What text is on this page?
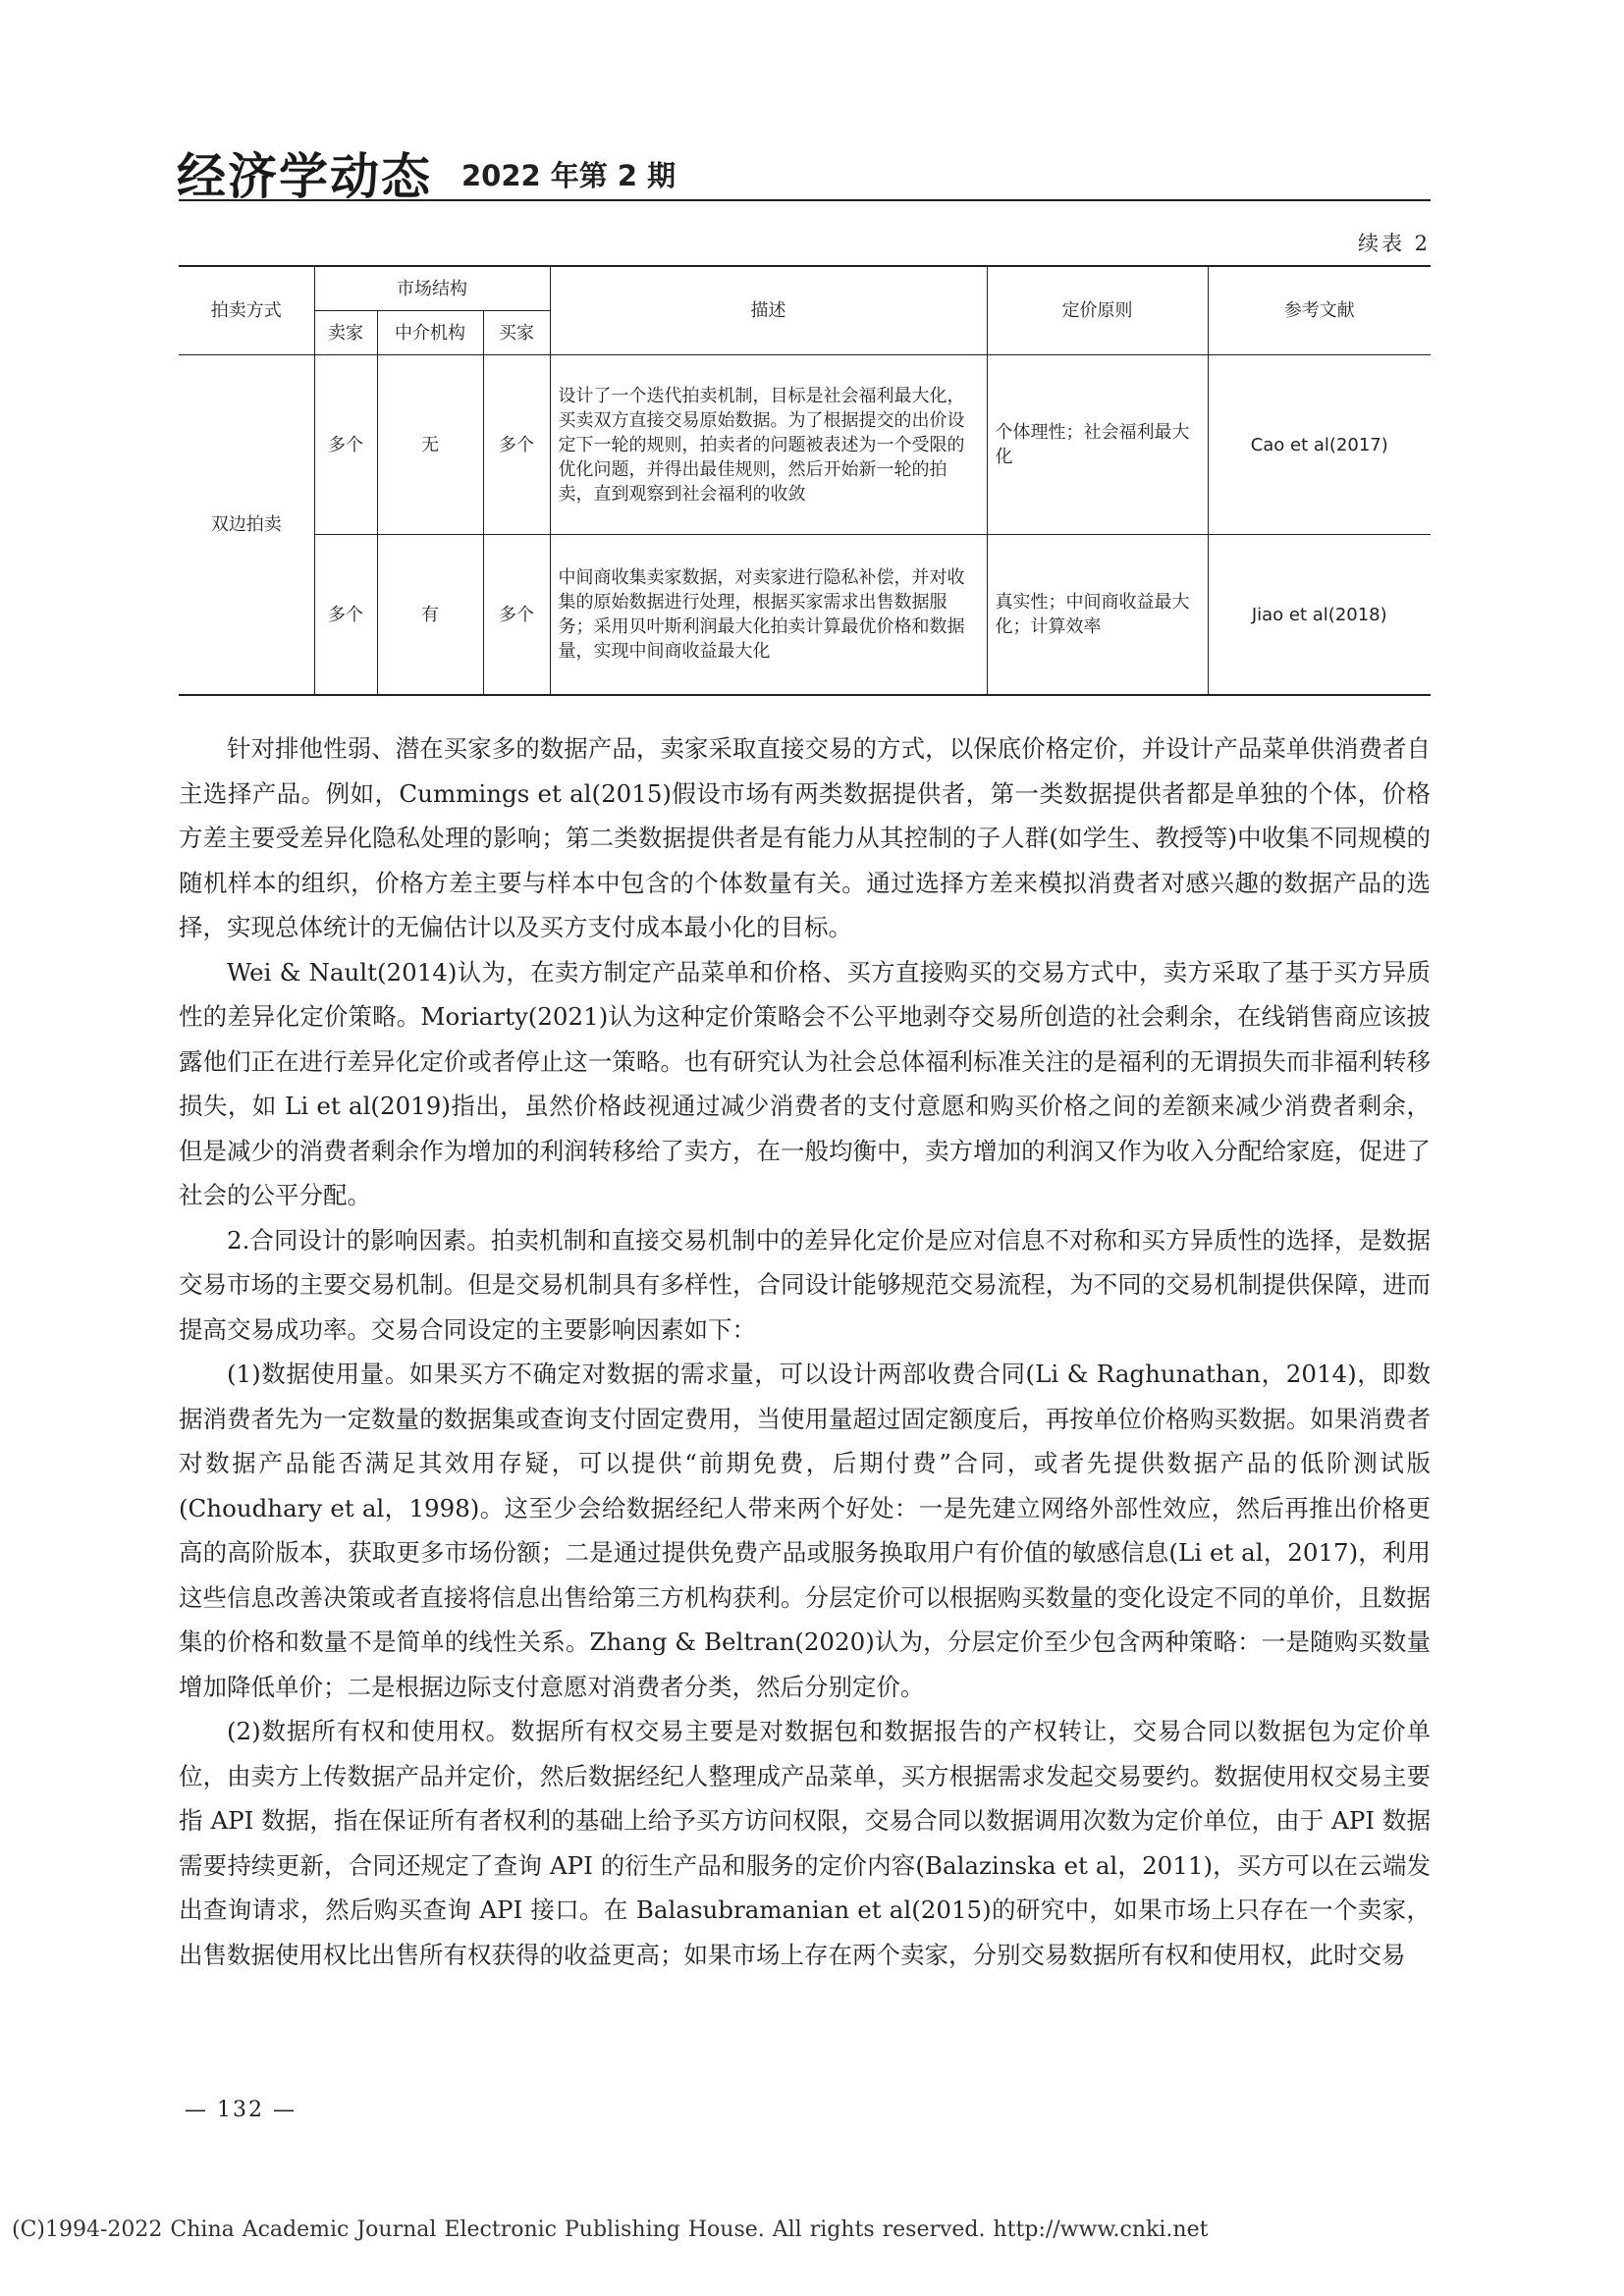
经济学动态 2022 年第 2 期
续表 2
拍卖方式	市场结构			描述	定价原则	参考文献
	卖家	中介机构	买家			
双边拍卖	多个	无	多个	设计了一个迭代拍卖机制，目标是社会福利最大化，买卖双方直接交易原始数据。为了根据提交的出价设定下一轮的规则，拍卖者的问题被表述为一个受限的优化问题，并得出最佳规则，然后开始新一轮的拍卖，直到观察到社会福利的收敛	个体理性；社会福利最大化	Cao et al(2017)
	多个	有	多个	中间商收集卖家数据，对卖家进行隐私补偿，并对收集的原始数据进行处理，根据买家需求出售数据服务；采用贝叶斯利润最大化拍卖计算最优价格和数据量，实现中间商收益最大化	真实性；中间商收益最大化；计算效率	Jiao et al(2018)

针对排他性弱、潜在买家多的数据产品，卖家采取直接交易的方式，以保底价格定价，并设计产品菜单供消费者自主选择产品。例如，Cummings et al(2015)假设市场有两类数据提供者，第一类数据提供者都是单独的个体，价格方差主要受差异化隐私处理的影响；第二类数据提供者是有能力从其控制的子人群(如学生、教授等)中收集不同规模的随机样本的组织，价格方差主要与样本中包含的个体数量有关。通过选择方差来模拟消费者对感兴趣的数据产品的选择，实现总体统计的无偏估计以及买方支付成本最小化的目标。

Wei & Nault(2014)认为，在卖方制定产品菜单和价格、买方直接购买的交易方式中，卖方采取了基于买方异质性的差异化定价策略。Moriarty(2021)认为这种定价策略会不公平地剥夺交易所创造的社会剩余，在线销售商应该披露他们正在进行差异化定价或者停止这一策略。也有研究认为社会总体福利标准关注的是福利的无谓损失而非福利转移损失，如 Li et al(2019)指出，虽然价格歧视通过减少消费者的支付意愿和购买价格之间的差额来减少消费者剩余，但是减少的消费者剩余作为增加的利润转移给了卖方，在一般均衡中，卖方增加的利润又作为收入分配给家庭，促进了社会的公平分配。

2.合同设计的影响因素。拍卖机制和直接交易机制中的差异化定价是应对信息不对称和买方异质性的选择，是数据交易市场的主要交易机制。但是交易机制具有多样性，合同设计能够规范交易流程，为不同的交易机制提供保障，进而提高交易成功率。交易合同设定的主要影响因素如下：

(1)数据使用量。如果买方不确定对数据的需求量，可以设计两部收费合同(Li & Raghunathan，2014)，即数据消费者先为一定数量的数据集或查询支付固定费用，当使用量超过固定额度后，再按单位价格购买数据。如果消费者对数据产品能否满足其效用存疑，可以提供“前期免费，后期付费”合同，或者先提供数据产品的低阶测试版(Choudhary et al，1998)。这至少会给数据经纪人带来两个好处：一是先建立网络外部性效应，然后再推出价格更高的高阶版本，获取更多市场份额；二是通过提供免费产品或服务换取用户有价值的敏感信息(Li et al，2017)，利用这些信息改善决策或者直接将信息出售给第三方机构获利。分层定价可以根据购买数量的变化设定不同的单价，且数据集的价格和数量不是简单的线性关系。Zhang & Beltran(2020)认为，分层定价至少包含两种策略：一是随购买数量增加降低单价；二是根据边际支付意愿对消费者分类，然后分别定价。

(2)数据所有权和使用权。数据所有权交易主要是对数据包和数据报告的产权转让，交易合同以数据包为定价单位，由卖方上传数据产品并定价，然后数据经纪人整理成产品菜单，买方根据需求发起交易要约。数据使用权交易主要指 API 数据，指在保证所有者权利的基础上给予买方访问权限，交易合同以数据调用次数为定价单位，由于 API 数据需要持续更新，合同还规定了查询 API 的衍生产品和服务的定价内容(Balazinska et al，2011)，买方可以在云端发出查询请求，然后购买查询 API 接口。在 Balasubramanian et al(2015)的研究中，如果市场上只存在一个卖家，出售数据使用权比出售所有权获得的收益更高；如果市场上存在两个卖家，分别交易数据所有权和使用权，此时交易

— 132 —
(C)1994-2022 China Academic Journal Electronic Publishing House. All rights reserved. http://www.cnki.net
